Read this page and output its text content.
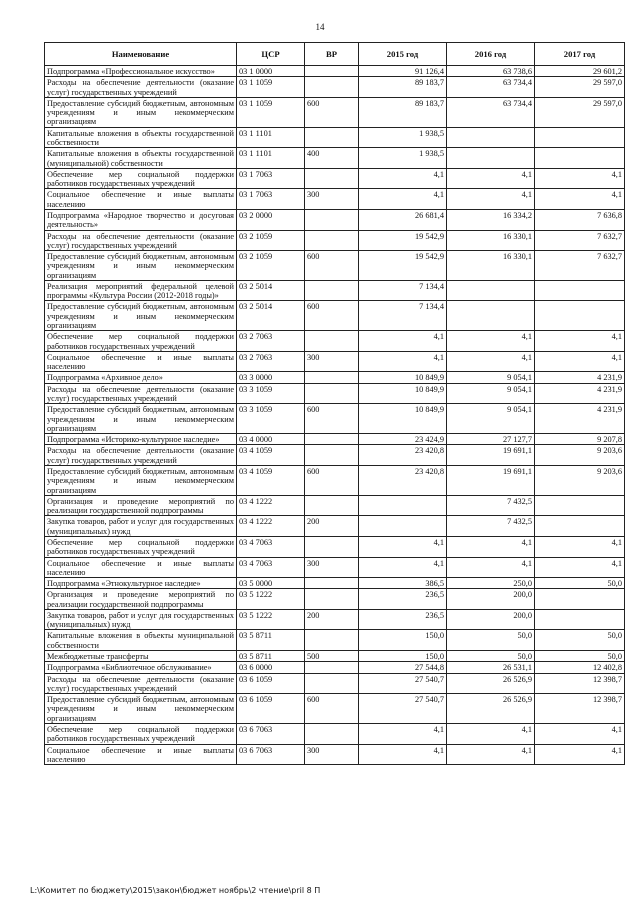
14
Наименование	ЦСР	ВР	2015 год	2016 год	2017 год
Подпрограмма «Профессиональное искусство»	03 1 0000		91 126,4	63 738,6	29 601,2
Расходы на обеспечение деятельности (оказание услуг) государственных учреждений	03 1 1059		89 183,7	63 734,4	29 597,0
Предоставление субсидий бюджетным, автономным учреждениям и иным некоммерческим организациям	03 1 1059	600	89 183,7	63 734,4	29 597,0
Капитальные вложения в объекты государственной собственности	03 1 1101		1 938,5		
Капитальные вложения в объекты государственной (муниципальной) собственности	03 1 1101	400	1 938,5		
Обеспечение мер социальной поддержки работников государственных учреждений	03 1 7063		4,1	4,1	4,1
Социальное обеспечение и иные выплаты населению	03 1 7063	300	4,1	4,1	4,1
Подпрограмма «Народное творчество и досуговая деятельность»	03 2 0000		26 681,4	16 334,2	7 636,8
Расходы на обеспечение деятельности (оказание услуг) государственных учреждений	03 2 1059		19 542,9	16 330,1	7 632,7
Предоставление субсидий бюджетным, автономным учреждениям и иным некоммерческим организациям	03 2 1059	600	19 542,9	16 330,1	7 632,7
Реализация мероприятий федеральной целевой программы «Культура России (2012-2018 годы)»	03 2 5014		7 134,4		
Предоставление субсидий бюджетным, автономным учреждениям и иным некоммерческим организациям	03 2 5014	600	7 134,4		
Обеспечение мер социальной поддержки работников государственных учреждений	03 2 7063		4,1	4,1	4,1
Социальное обеспечение и иные выплаты населению	03 2 7063	300	4,1	4,1	4,1
Подпрограмма «Архивное дело»	03 3 0000		10 849,9	9 054,1	4 231,9
Расходы на обеспечение деятельности (оказание услуг) государственных учреждений	03 3 1059		10 849,9	9 054,1	4 231,9
Предоставление субсидий бюджетным, автономным учреждениям и иным некоммерческим организациям	03 3 1059	600	10 849,9	9 054,1	4 231,9
Подпрограмма «Историко-культурное наследие»	03 4 0000		23 424,9	27 127,7	9 207,8
Расходы на обеспечение деятельности (оказание услуг) государственных учреждений	03 4 1059		23 420,8	19 691,1	9 203,6
Предоставление субсидий бюджетным, автономным учреждениям и иным некоммерческим организациям	03 4 1059	600	23 420,8	19 691,1	9 203,6
Организация и проведение мероприятий по реализации государственной подпрограммы	03 4 1222			7 432,5	
Закупка товаров, работ и услуг для государственных (муниципальных) нужд	03 4 1222	200		7 432,5	
Обеспечение мер социальной поддержки работников государственных учреждений	03 4 7063		4,1	4,1	4,1
Социальное обеспечение и иные выплаты населению	03 4 7063	300	4,1	4,1	4,1
Подпрограмма «Этнокультурное наследие»	03 5 0000		386,5	250,0	50,0
Организация и проведение мероприятий по реализации государственной подпрограммы	03 5 1222		236,5	200,0	
Закупка товаров, работ и услуг для государственных (муниципальных) нужд	03 5 1222	200	236,5	200,0	
Капитальные вложения в объекты муниципальной собственности	03 5 8711		150,0	50,0	50,0
Межбюджетные трансферты	03 5 8711	500	150,0	50,0	50,0
Подпрограмма «Библиотечное обслуживание»	03 6 0000		27 544,8	26 531,1	12 402,8
Расходы на обеспечение деятельности (оказание услуг) государственных учреждений	03 6 1059		27 540,7	26 526,9	12 398,7
Предоставление субсидий бюджетным, автономным учреждениям и иным некоммерческим организациям	03 6 1059	600	27 540,7	26 526,9	12 398,7
Обеспечение мер социальной поддержки работников государственных учреждений	03 6 7063		4,1	4,1	4,1
Социальное обеспечение и иные выплаты населению	03 6 7063	300	4,1	4,1	4,1
L:\Комитет по бюджету\2015\закон\бюджет ноябрь\2 чтение\pril 8 П
